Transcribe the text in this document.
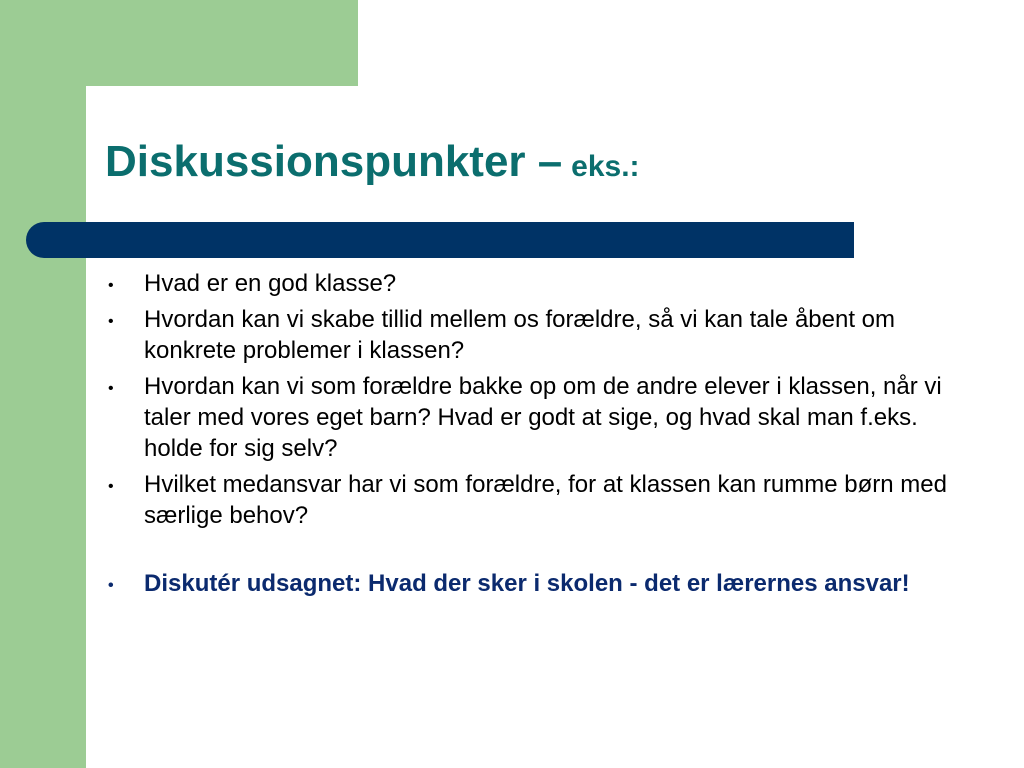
Diskussionspunkter – eks.:
• Hvad er en god klasse?
• Hvordan kan vi skabe tillid mellem os forældre, så vi kan tale åbent om konkrete problemer i klassen?
• Hvordan kan vi som forældre bakke op om de andre elever i klassen, når vi taler med vores eget barn? Hvad er godt at sige, og hvad skal man f.eks. holde for sig selv?
• Hvilket medansvar har vi som forældre, for at klassen kan rumme børn med særlige behov?
• Diskutér udsagnet: Hvad der sker i skolen - det er lærernes ansvar!
